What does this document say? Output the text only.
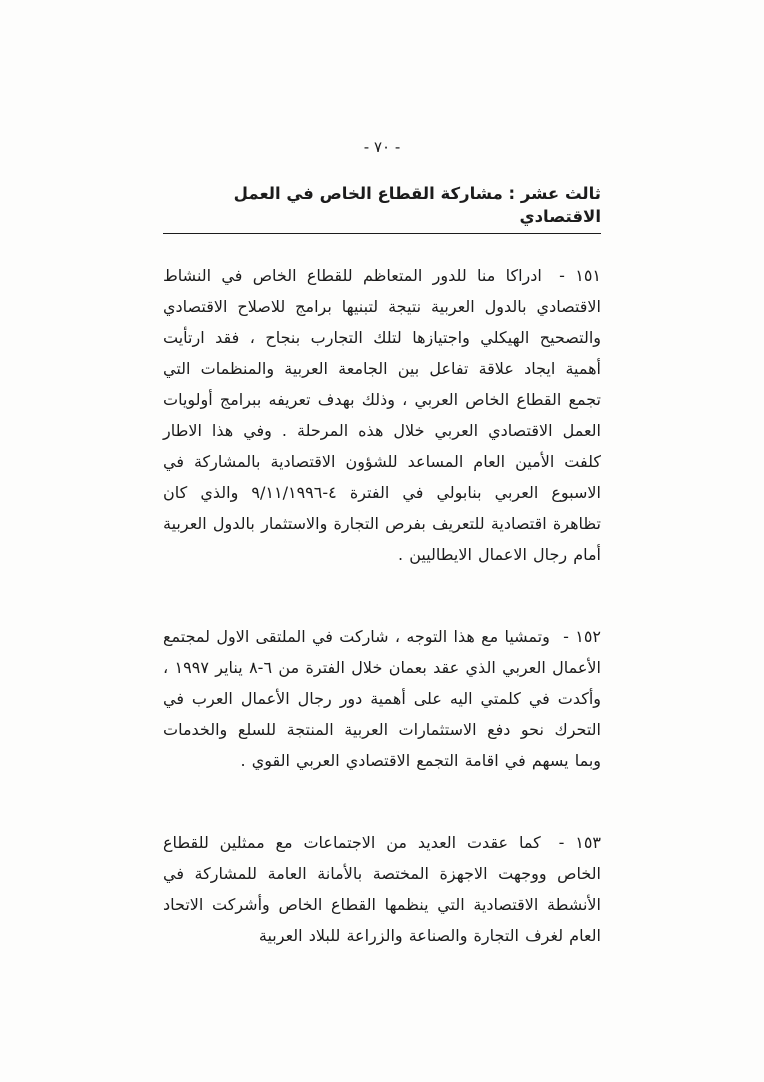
- ٧٠ -
ثالث عشر : مشاركة القطاع الخاص في العمل الاقتصادي

١٥١ - ادراكا منا للدور المتعاظم للقطاع الخاص في النشاط الاقتصادي بالدول العربية نتيجة لتبنيها برامج للاصلاح الاقتصادي والتصحيح الهيكلي واجتيازها لتلك التجارب بنجاح ، فقد ارتأيت أهمية ايجاد علاقة تفاعل بين الجامعة العربية والمنظمات التي تجمع القطاع الخاص العربي ، وذلك بهدف تعريفه ببرامج أولويات العمل الاقتصادي العربي خلال هذه المرحلة . وفي هذا الاطار كلفت الأمين العام المساعد للشؤون الاقتصادية بالمشاركة في الاسبوع العربي بنابولي في الفترة ٤-٩/١١/١٩٩٦ والذي كان تظاهرة اقتصادية للتعريف بفرص التجارة والاستثمار بالدول العربية أمام رجال الاعمال الايطاليين .

١٥٢ - وتمشيا مع هذا التوجه ، شاركت في الملتقى الاول لمجتمع الأعمال العربي الذي عقد بعمان خلال الفترة من ٦-٨ يناير ١٩٩٧ ، وأكدت في كلمتي اليه على أهمية دور رجال الأعمال العرب في التحرك نحو دفع الاستثمارات العربية المنتجة للسلع والخدمات وبما يسهم في اقامة التجمع الاقتصادي العربي القوي .

١٥٣ - كما عقدت العديد من الاجتماعات مع ممثلين للقطاع الخاص ووجهت الاجهزة المختصة بالأمانة العامة للمشاركة في الأنشطة الاقتصادية التي ينظمها القطاع الخاص وأشركت الاتحاد العام لغرف التجارة والصناعة والزراعة للبلاد العربية
